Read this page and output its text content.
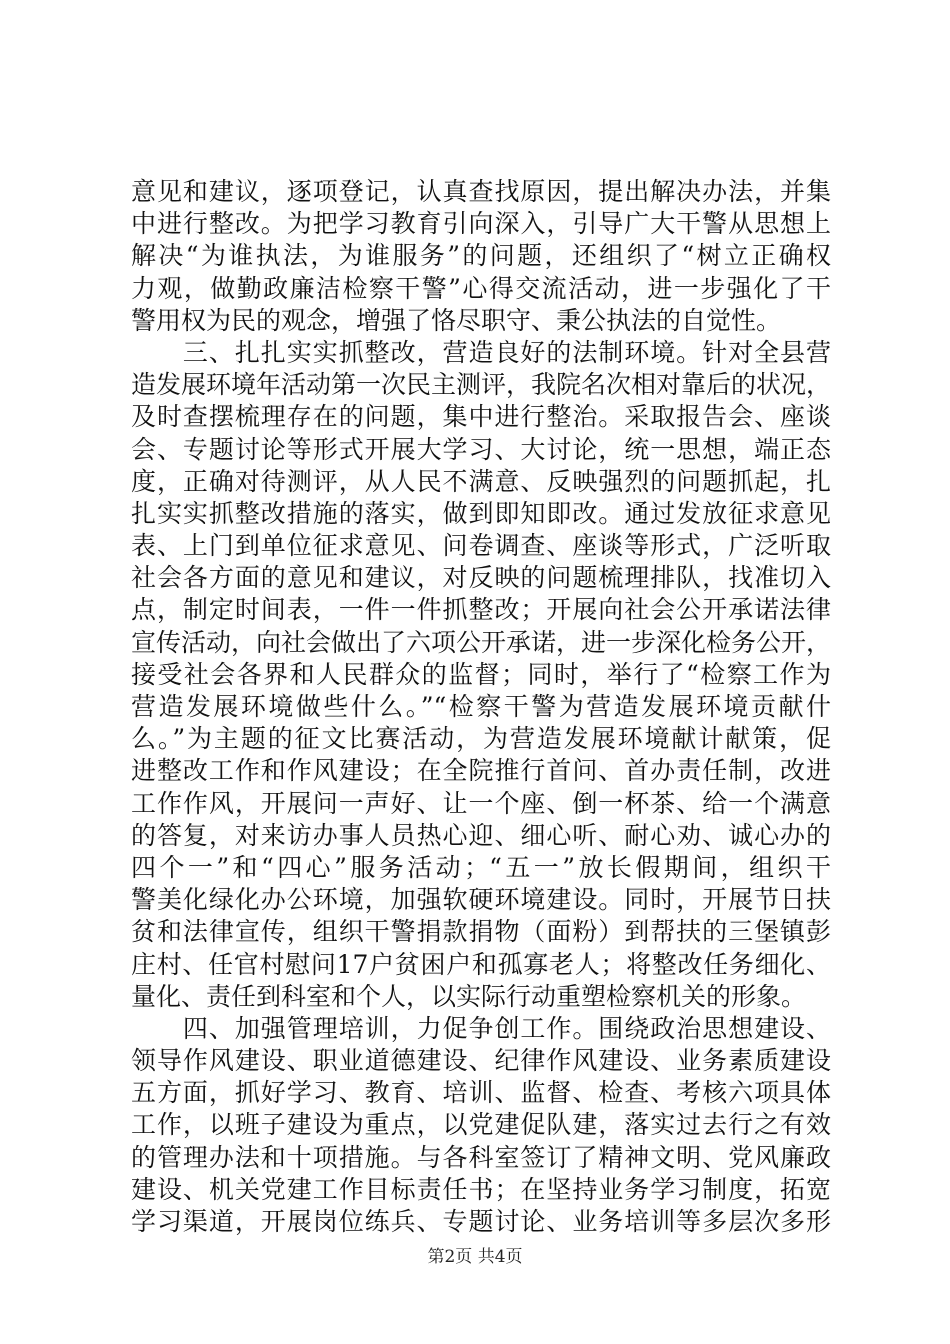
意见和建议，逐项登记，认真查找原因，提出解决办法，并集
中进行整改。为把学习教育引向深入，引导广大干警从思想上
解决“为谁执法，为谁服务”的问题，还组织了“树立正确权
力观，做勤政廉洁检察干警”心得交流活动，进一步强化了干
警用权为民的观念，增强了恪尽职守、秉公执法的自觉性。
　　三、扎扎实实抓整改，营造良好的法制环境。针对全县营
造发展环境年活动第一次民主测评，我院名次相对靠后的状况，
及时查摆梳理存在的问题，集中进行整治。采取报告会、座谈
会、专题讨论等形式开展大学习、大讨论，统一思想，端正态
度，正确对待测评，从人民不满意、反映强烈的问题抓起，扎
扎实实抓整改措施的落实，做到即知即改。通过发放征求意见
表、上门到单位征求意见、问卷调查、座谈等形式，广泛听取
社会各方面的意见和建议，对反映的问题梳理排队，找准切入
点，制定时间表，一件一件抓整改；开展向社会公开承诺法律
宣传活动，向社会做出了六项公开承诺，进一步深化检务公开，
接受社会各界和人民群众的监督；同时，举行了“检察工作为
营造发展环境做些什么。”“检察干警为营造发展环境贡献什
么。”为主题的征文比赛活动，为营造发展环境献计献策，促
进整改工作和作风建设；在全院推行首问、首办责任制，改进
工作作风，开展问一声好、让一个座、倒一杯茶、给一个满意
的答复，对来访办事人员热心迎、细心听、耐心劝、诚心办的
四个一”和“四心”服务活动；“五一”放长假期间，组织干
警美化绿化办公环境，加强软硬环境建设。同时，开展节日扶
贫和法律宣传，组织干警捐款捐物（面粉）到帮扶的三堡镇彭
庄村、任官村慰问17户贫困户和孤寡老人；将整改任务细化、
量化、责任到科室和个人，以实际行动重塑检察机关的形象。
　　四、加强管理培训，力促争创工作。围绕政治思想建设、
领导作风建设、职业道德建设、纪律作风建设、业务素质建设
五方面，抓好学习、教育、培训、监督、检查、考核六项具体
工作，以班子建设为重点，以党建促队建，落实过去行之有效
的管理办法和十项措施。与各科室签订了精神文明、党风廉政
建设、机关党建工作目标责任书；在坚持业务学习制度，拓宽
学习渠道，开展岗位练兵、专题讨论、业务培训等多层次多形
第2页 共4页
